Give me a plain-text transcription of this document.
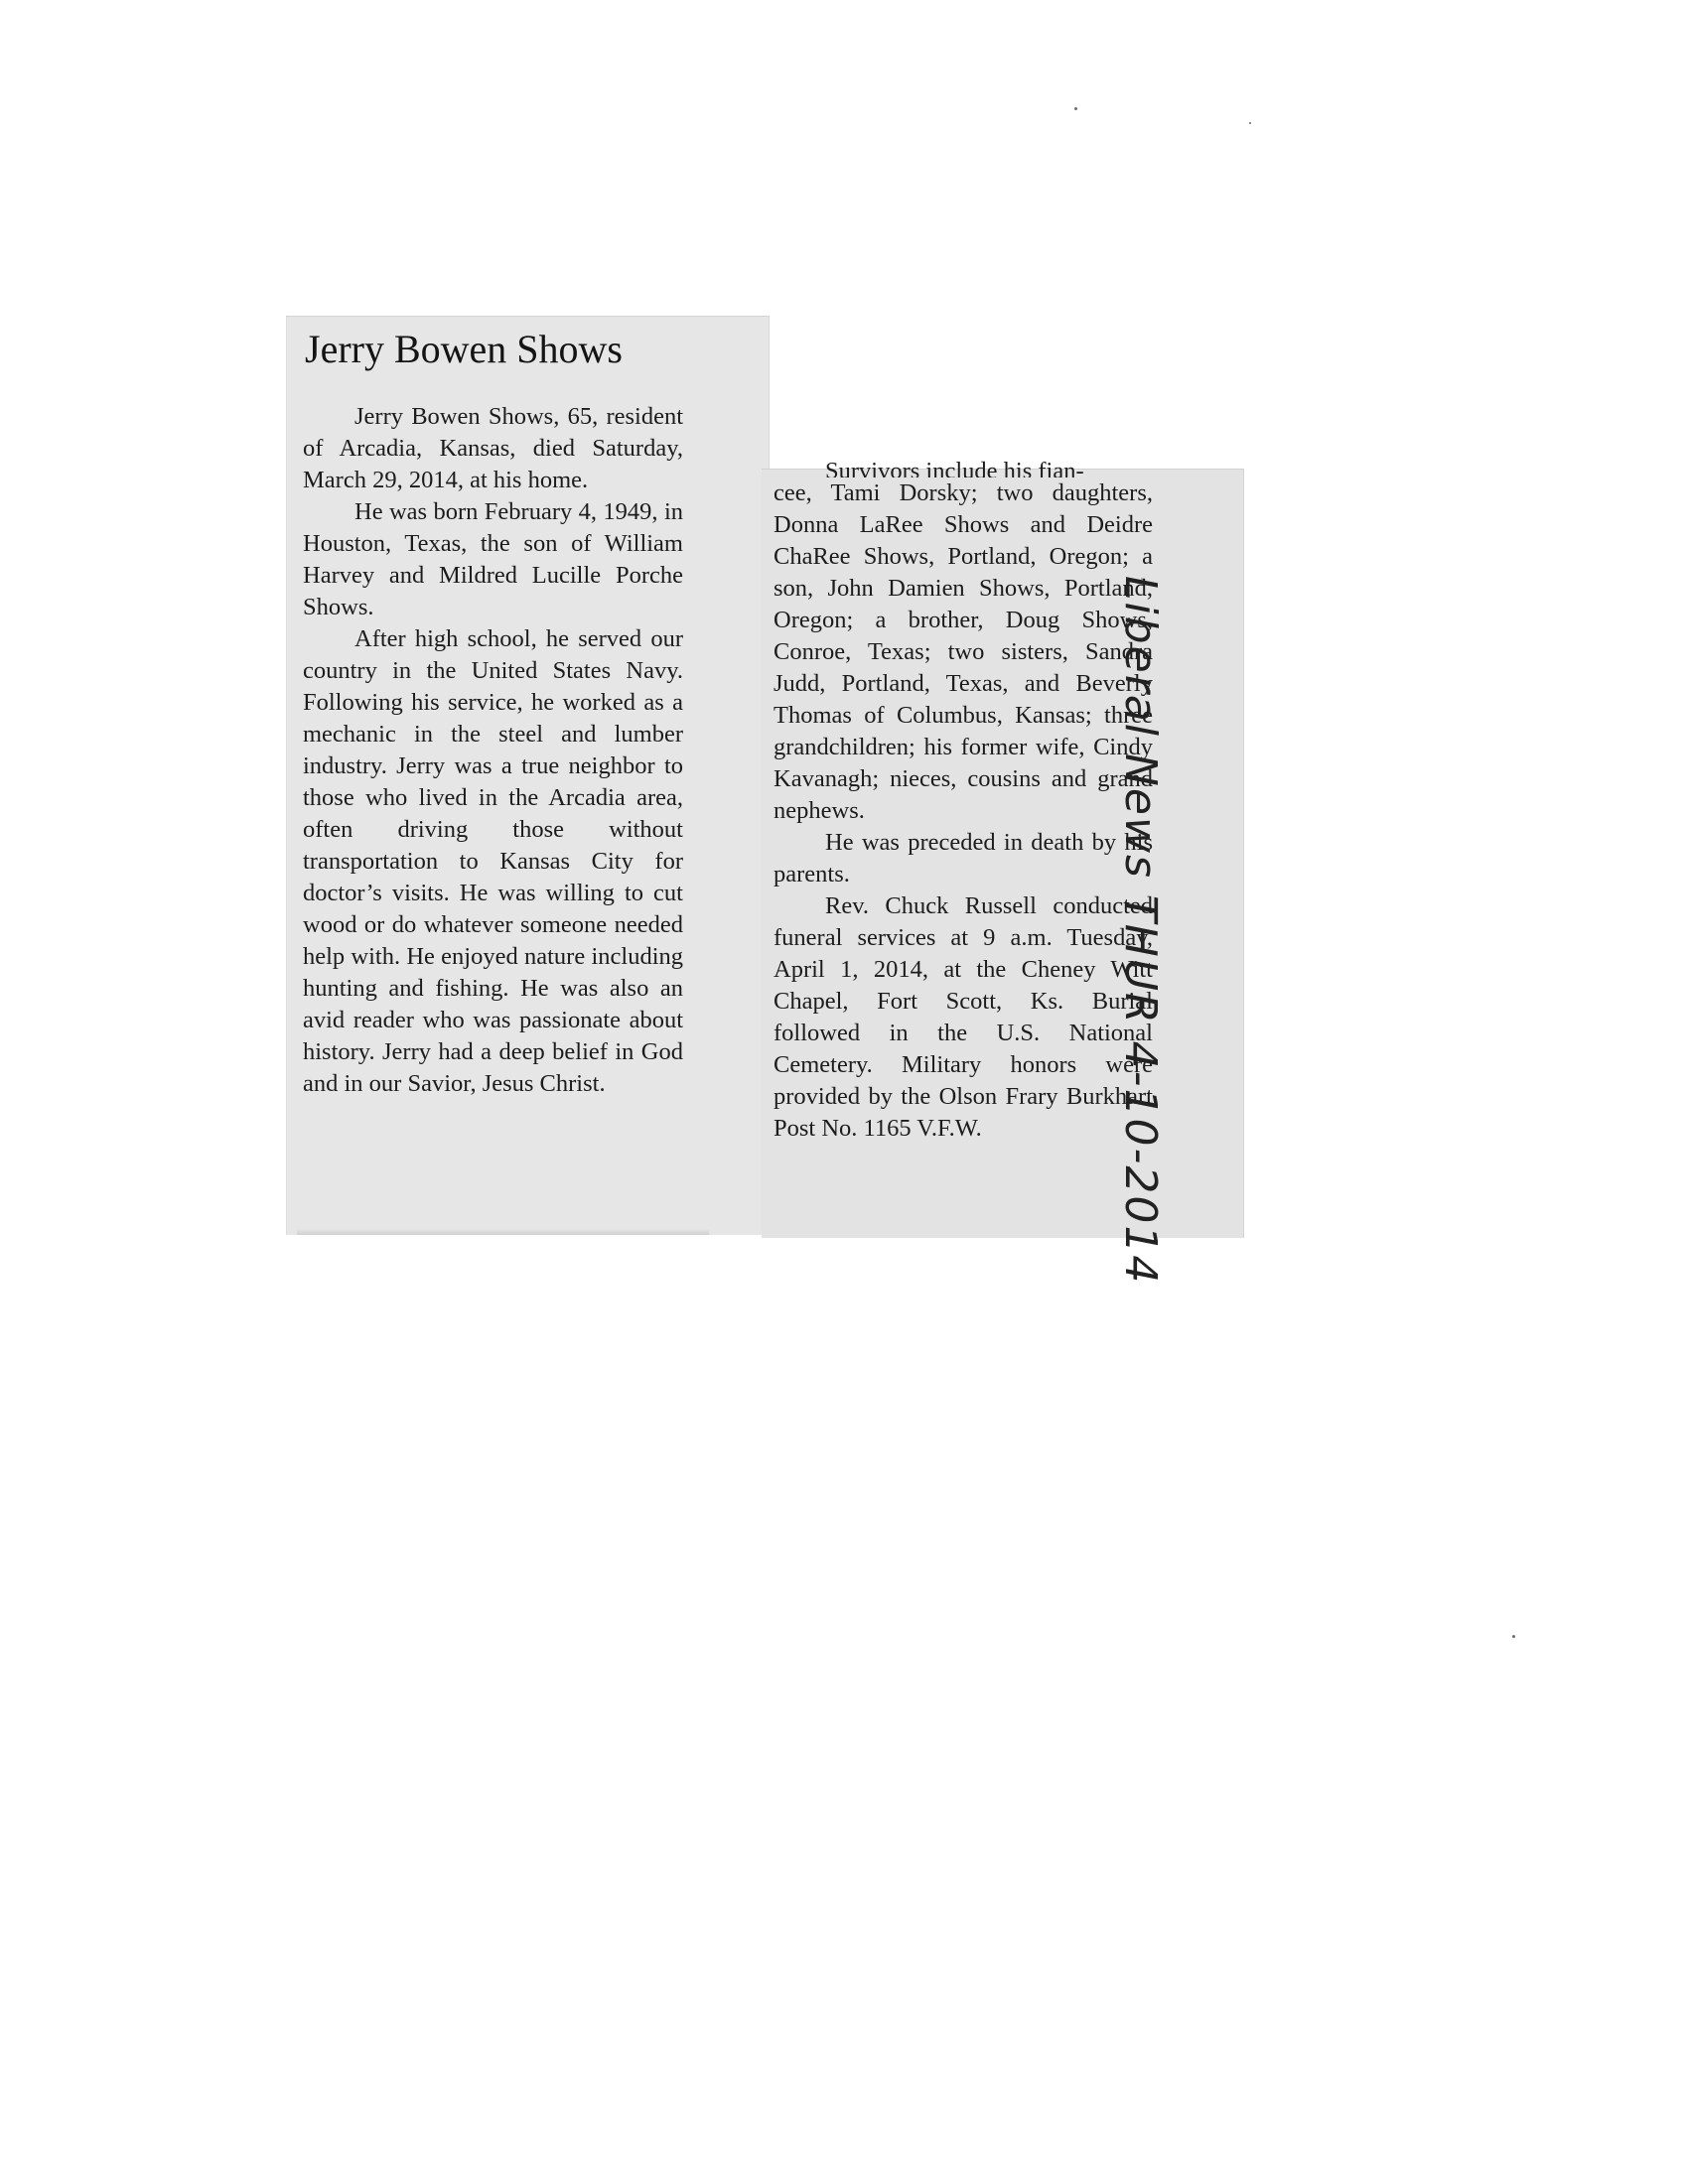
Jerry Bowen Shows

Jerry Bowen Shows, 65, resident of Arcadia, Kansas, died Saturday, March 29, 2014, at his home.

He was born February 4, 1949, in Houston, Texas, the son of William Harvey and Mildred Lucille Porche Shows.

After high school, he served our country in the United States Navy. Following his service, he worked as a mechanic in the steel and lumber industry. Jerry was a true neighbor to those who lived in the Arcadia area, often driving those without transportation to Kansas City for doctor’s visits. He was willing to cut wood or do whatever someone needed help with. He enjoyed nature including hunting and fishing. He was also an avid reader who was passionate about history. Jerry had a deep belief in God and in our Savior, Jesus Christ.

Survivors include his fian-

cee, Tami Dorsky; two daughters, Donna LaRee Shows and Deidre ChaRee Shows, Portland, Oregon; a son, John Damien Shows, Portland, Oregon; a brother, Doug Shows, Conroe, Texas; two sisters, Sandra Judd, Portland, Texas, and Beverly Thomas of Columbus, Kansas; three grandchildren; his former wife, Cindy Kavanagh; nieces, cousins and grand nephews.

He was preceded in death by his parents.

Rev. Chuck Russell conducted funeral services at 9 a.m. Tuesday, April 1, 2014, at the Cheney Witt Chapel, Fort Scott, Ks. Burial followed in the U.S. National Cemetery. Military honors were provided by the Olson Frary Burkhart Post No. 1165 V.F.W.	Liberal News THUR 4-10-2014
